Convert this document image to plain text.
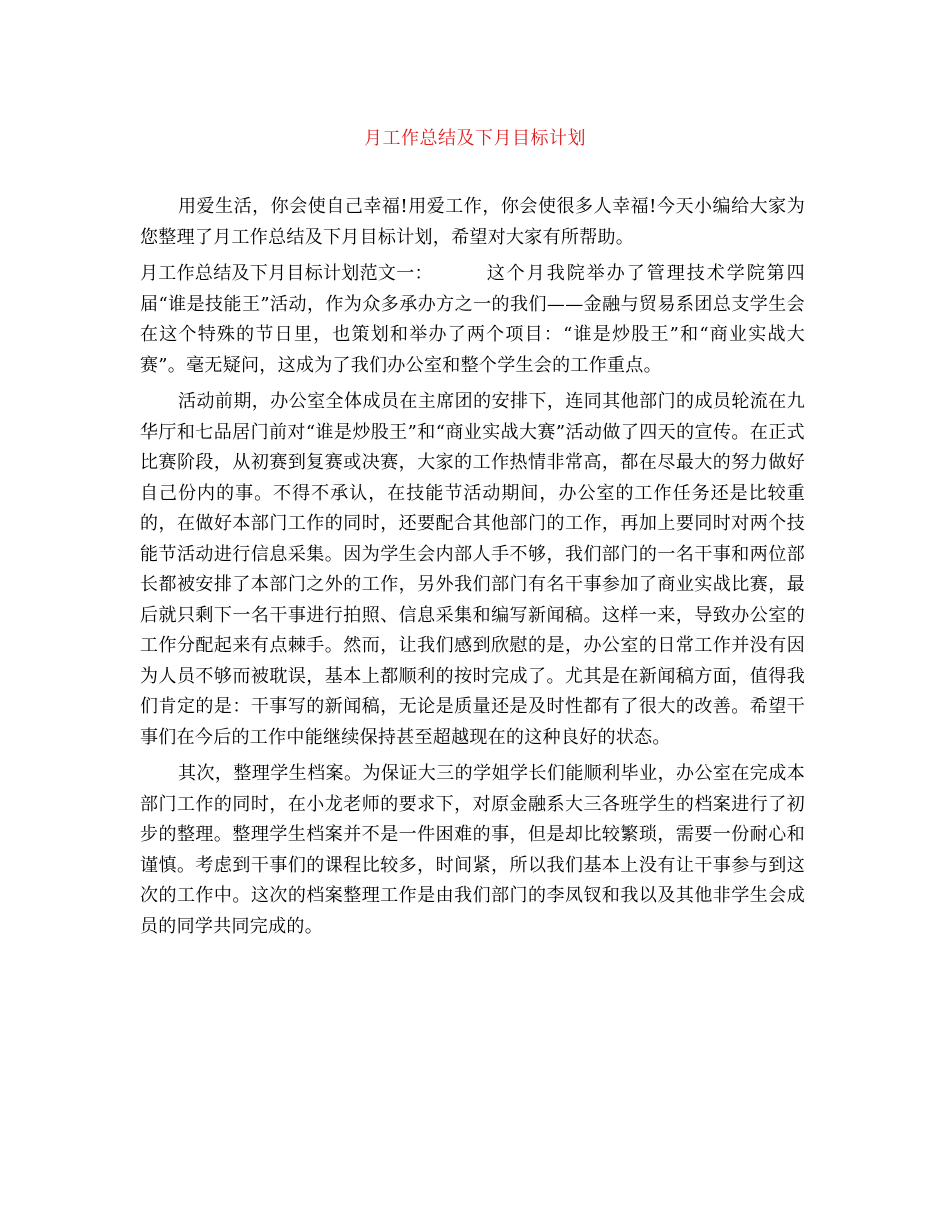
月工作总结及下月目标计划

用爱生活，你会使自己幸福!用爱工作，你会使很多人幸福!今天小编给大家为您整理了月工作总结及下月目标计划，希望对大家有所帮助。

月工作总结及下月目标计划范文一：	这个月我院举办了管理技术学院第四届“谁是技能王”活动，作为众多承办方之一的我们——金融与贸易系团总支学生会在这个特殊的节日里，也策划和举办了两个项目：“谁是炒股王”和“商业实战大赛”。毫无疑问，这成为了我们办公室和整个学生会的工作重点。

活动前期，办公室全体成员在主席团的安排下，连同其他部门的成员轮流在九华厅和七品居门前对“谁是炒股王”和“商业实战大赛”活动做了四天的宣传。在正式比赛阶段，从初赛到复赛或决赛，大家的工作热情非常高，都在尽最大的努力做好自己份内的事。不得不承认，在技能节活动期间，办公室的工作任务还是比较重的，在做好本部门工作的同时，还要配合其他部门的工作，再加上要同时对两个技能节活动进行信息采集。因为学生会内部人手不够，我们部门的一名干事和两位部长都被安排了本部门之外的工作，另外我们部门有名干事参加了商业实战比赛，最后就只剩下一名干事进行拍照、信息采集和编写新闻稿。这样一来，导致办公室的工作分配起来有点棘手。然而，让我们感到欣慰的是，办公室的日常工作并没有因为人员不够而被耽误，基本上都顺利的按时完成了。尤其是在新闻稿方面，值得我们肯定的是：干事写的新闻稿，无论是质量还是及时性都有了很大的改善。希望干事们在今后的工作中能继续保持甚至超越现在的这种良好的状态。

其次，整理学生档案。为保证大三的学姐学长们能顺利毕业，办公室在完成本部门工作的同时，在小龙老师的要求下，对原金融系大三各班学生的档案进行了初步的整理。整理学生档案并不是一件困难的事，但是却比较繁琐，需要一份耐心和谨慎。考虑到干事们的课程比较多，时间紧，所以我们基本上没有让干事参与到这次的工作中。这次的档案整理工作是由我们部门的李凤钗和我以及其他非学生会成员的同学共同完成的。
